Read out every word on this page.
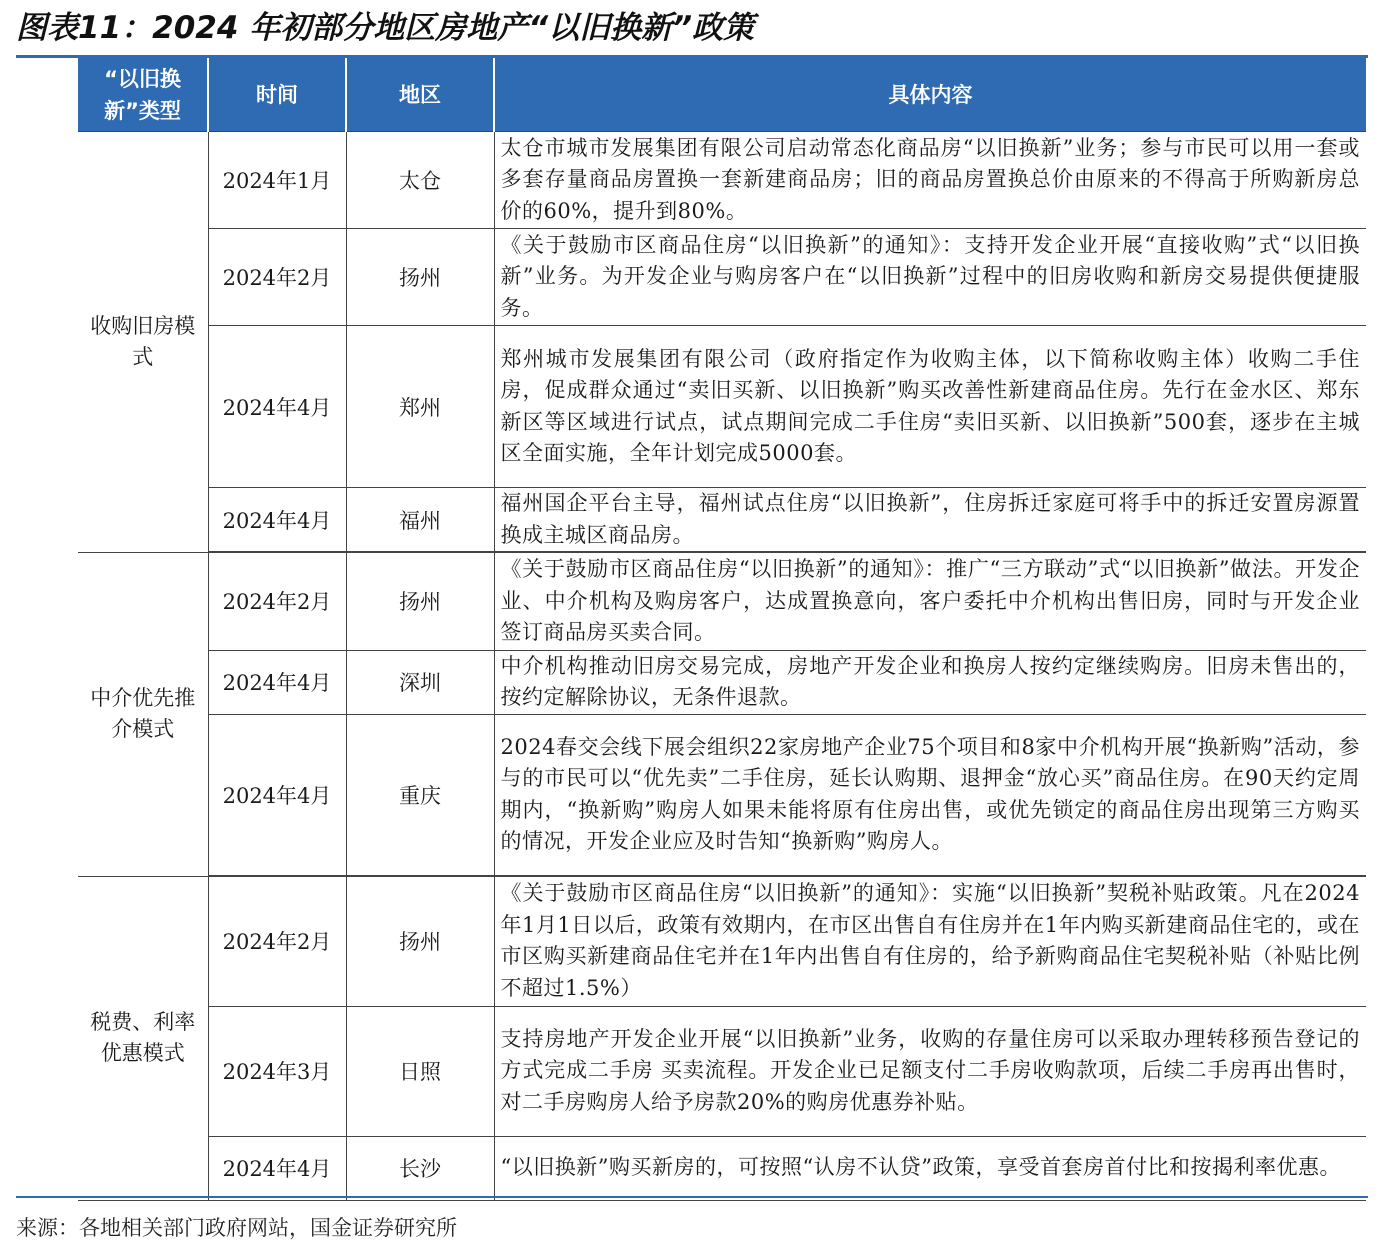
图表11：2024 年初部分地区房地产“以旧换新”政策
“以旧换新”类型	时间	地区	具体内容
收购旧房模式	2024年1月	太仓	太仓市城市发展集团有限公司启动常态化商品房“以旧换新”业务；参与市民可以用一套或多套存量商品房置换一套新建商品房；旧的商品房置换总价由原来的不得高于所购新房总价的60%，提升到80%。
	2024年2月	扬州	《关于鼓励市区商品住房“以旧换新”的通知》：支持开发企业开展“直接收购”式“以旧换新”业务。为开发企业与购房客户在“以旧换新”过程中的旧房收购和新房交易提供便捷服务。
	2024年4月	郑州	郑州城市发展集团有限公司（政府指定作为收购主体，以下简称收购主体）收购二手住房，促成群众通过“卖旧买新、以旧换新”购买改善性新建商品住房。先行在金水区、郑东新区等区域进行试点，试点期间完成二手住房“卖旧买新、以旧换新”500套，逐步在主城区全面实施，全年计划完成5000套。
	2024年4月	福州	福州国企平台主导，福州试点住房“以旧换新”，住房拆迁家庭可将手中的拆迁安置房源置换成主城区商品房。
中介优先推介模式	2024年2月	扬州	《关于鼓励市区商品住房“以旧换新”的通知》：推广“三方联动”式“以旧换新”做法。开发企业、中介机构及购房客户，达成置换意向，客户委托中介机构出售旧房，同时与开发企业签订商品房买卖合同。
	2024年4月	深圳	中介机构推动旧房交易完成，房地产开发企业和换房人按约定继续购房。旧房未售出的，按约定解除协议，无条件退款。
	2024年4月	重庆	2024春交会线下展会组织22家房地产企业75个项目和8家中介机构开展“换新购”活动，参与的市民可以“优先卖”二手住房，延长认购期、退押金“放心买”商品住房。在90天约定周期内，“换新购”购房人如果未能将原有住房出售，或优先锁定的商品住房出现第三方购买的情况，开发企业应及时告知“换新购”购房人。
税费、利率优惠模式	2024年2月	扬州	《关于鼓励市区商品住房“以旧换新”的通知》：实施“以旧换新”契税补贴政策。凡在2024年1月1日以后，政策有效期内，在市区出售自有住房并在1年内购买新建商品住宅的，或在市区购买新建商品住宅并在1年内出售自有住房的，给予新购商品住宅契税补贴（补贴比例不超过1.5%）
	2024年3月	日照	支持房地产开发企业开展“以旧换新”业务，收购的存量住房可以采取办理转移预告登记的方式完成二手房 买卖流程。开发企业已足额支付二手房收购款项，后续二手房再出售时，对二手房购房人给予房款20%的购房优惠券补贴。
	2024年4月	长沙	“以旧换新”购买新房的，可按照“认房不认贷”政策，享受首套房首付比和按揭利率优惠。
来源：各地相关部门政府网站，国金证券研究所
